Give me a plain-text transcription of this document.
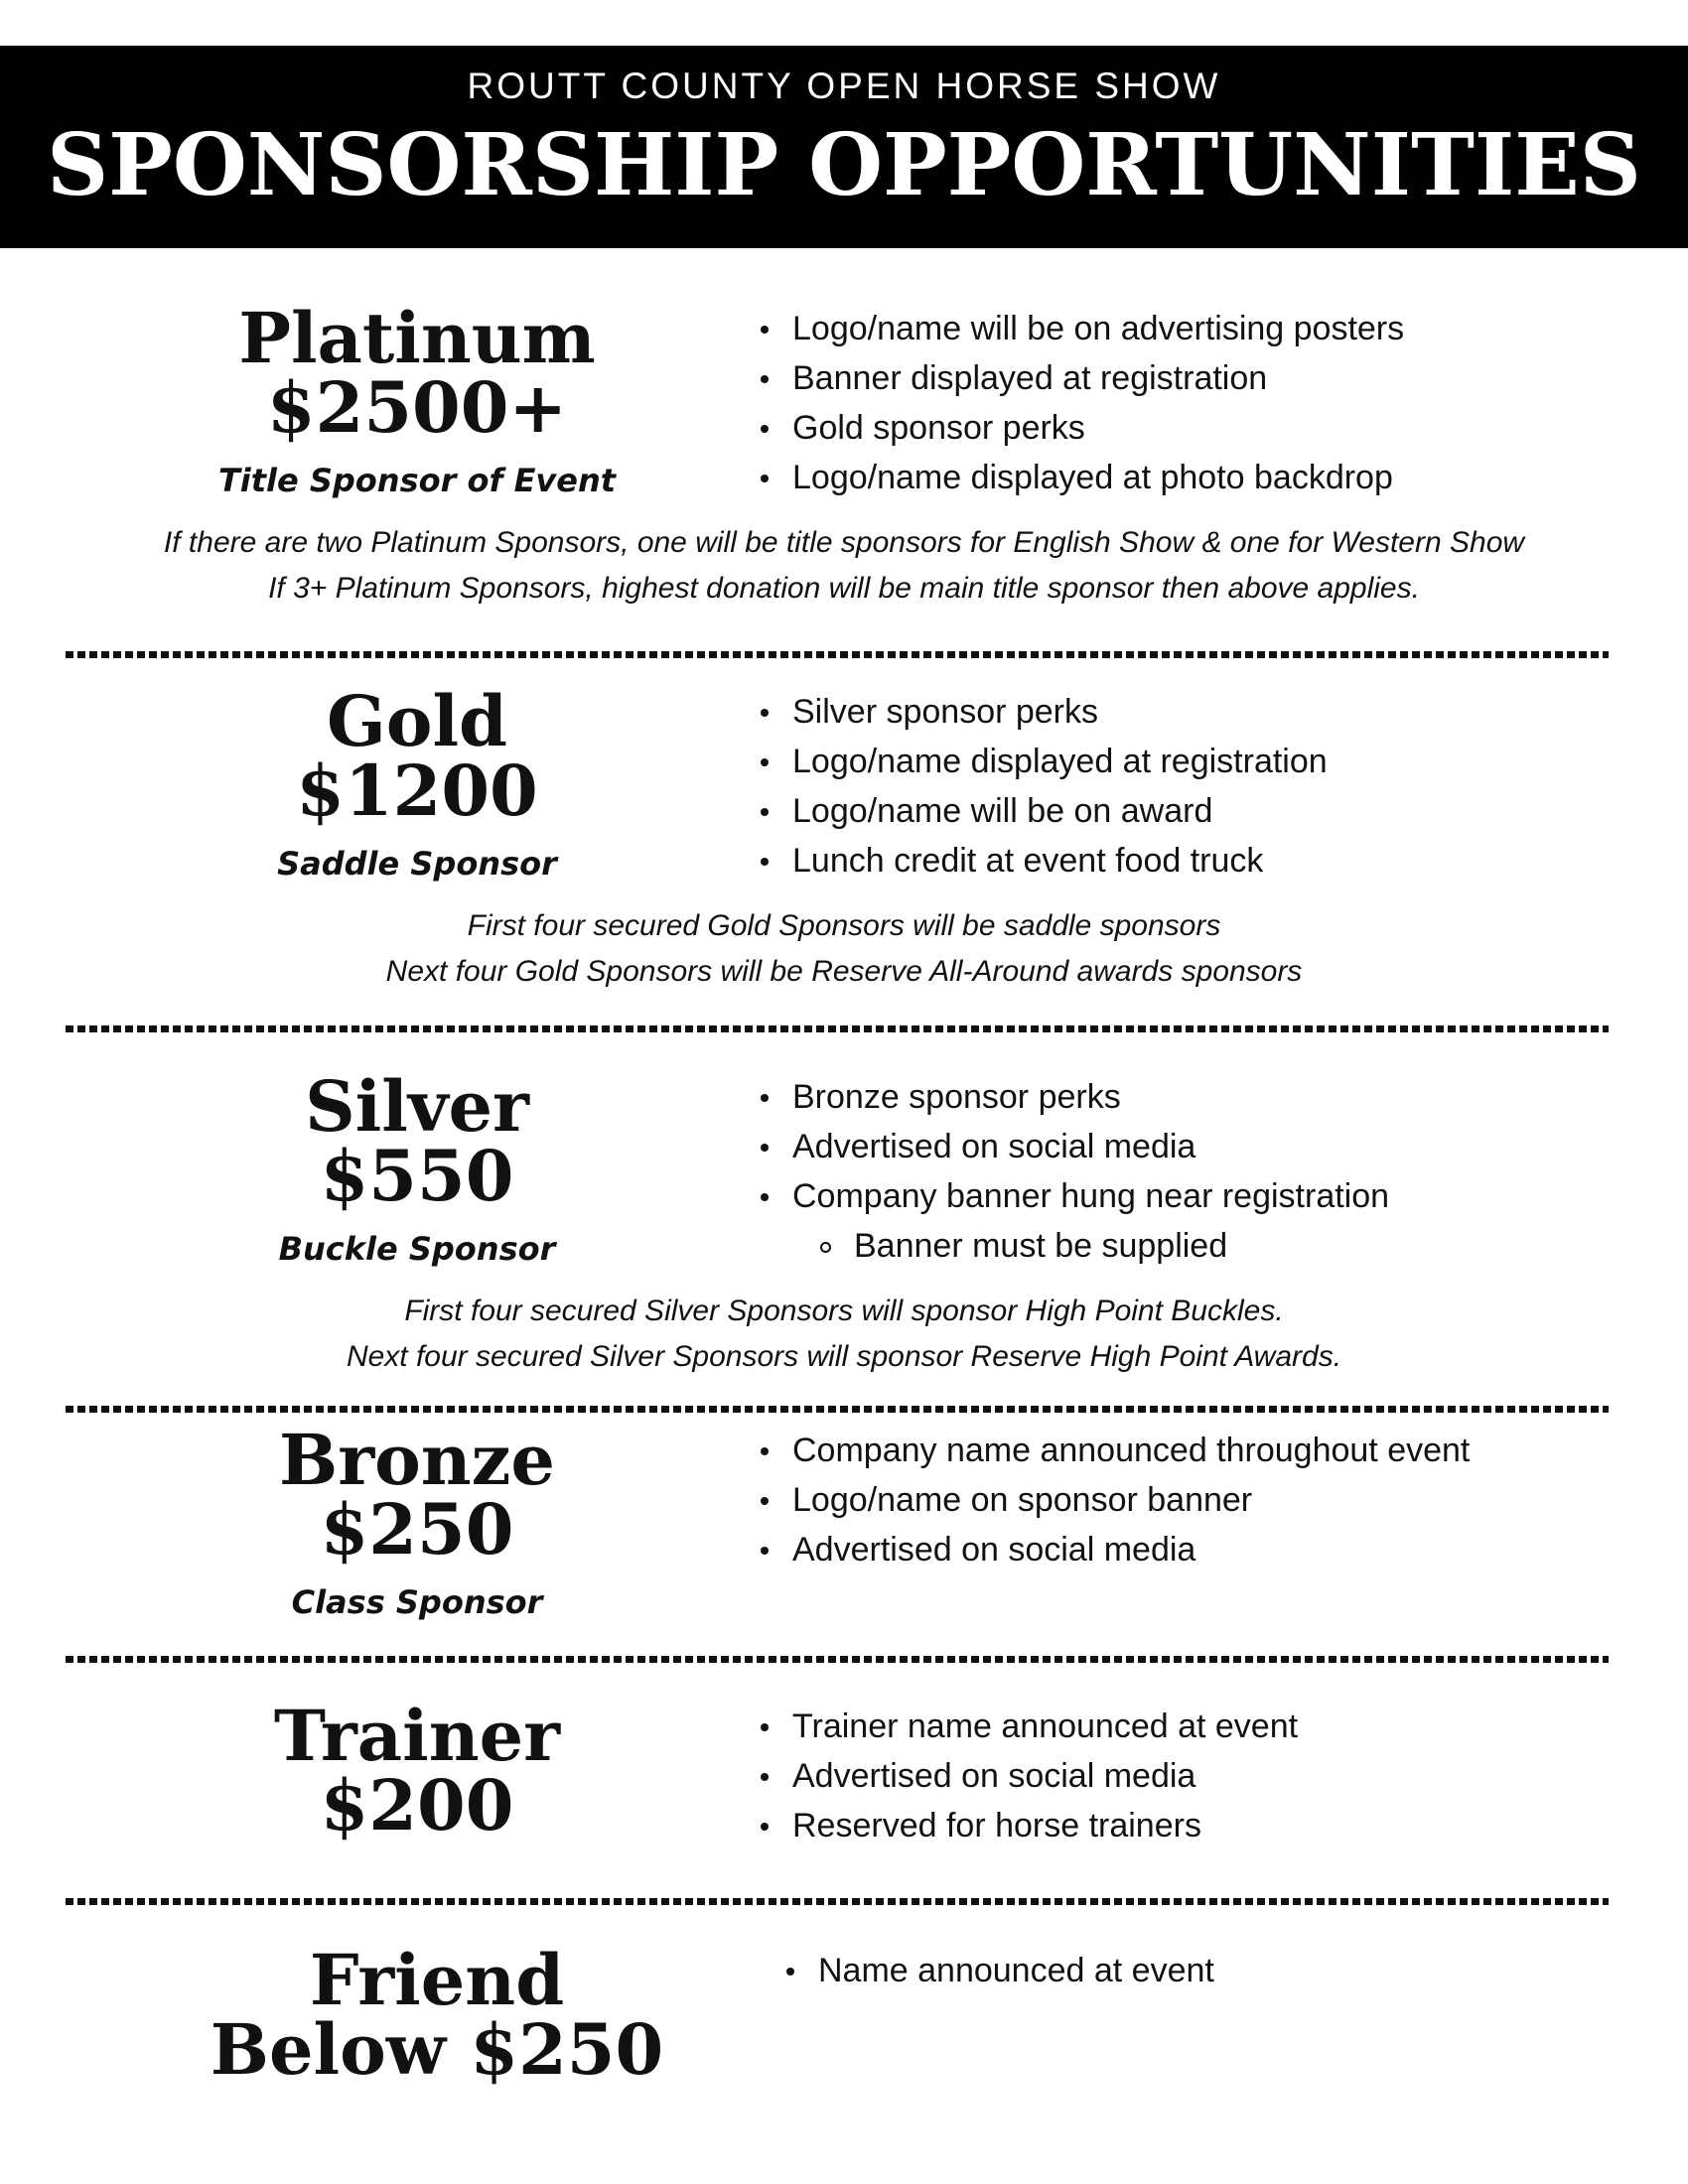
ROUTT COUNTY OPEN HORSE SHOW
SPONSORSHIP OPPORTUNITIES
Platinum
$2500+
Title Sponsor of Event
Logo/name will be on advertising posters
Banner displayed at registration
Gold sponsor perks
Logo/name displayed at photo backdrop
If there are two Platinum Sponsors, one will be title sponsors for English Show & one for Western Show
If 3+ Platinum Sponsors, highest donation will be main title sponsor then above applies.
Gold
$1200
Saddle Sponsor
Silver sponsor perks
Logo/name displayed at registration
Logo/name will be on award
Lunch credit at event food truck
First four secured Gold Sponsors will be saddle sponsors
Next four Gold Sponsors will be Reserve All-Around awards sponsors
Silver
$550
Buckle Sponsor
Bronze sponsor perks
Advertised on social media
Company banner hung near registration
Banner must be supplied
First four secured Silver Sponsors will sponsor High Point Buckles.
Next four secured Silver Sponsors will sponsor Reserve High Point Awards.
Bronze
$250
Class Sponsor
Company name announced throughout event
Logo/name on sponsor banner
Advertised on social media
Trainer
$200
Trainer name announced at event
Advertised on social media
Reserved for horse trainers
Friend
Below $250
Name announced at event
